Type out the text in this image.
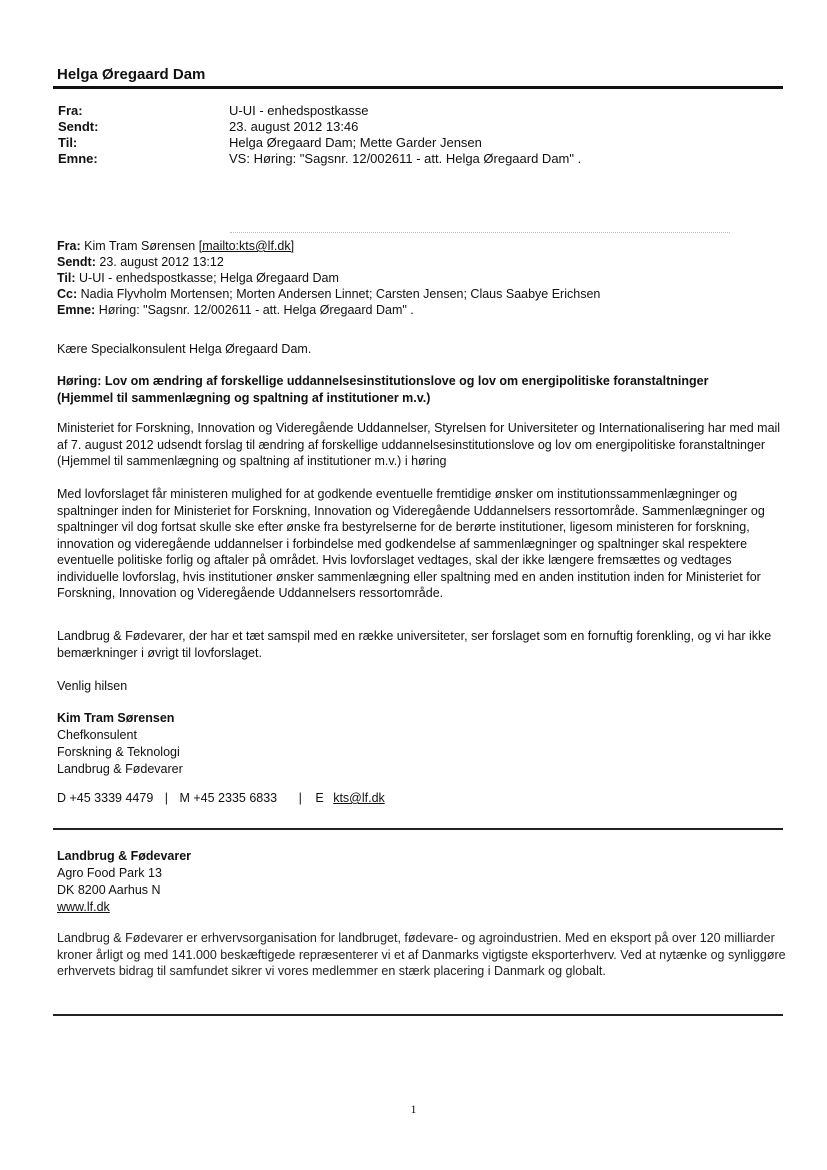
Helga Øregaard Dam
Fra:	U-UI - enhedspostkasse
Sendt:	23. august 2012 13:46
Til:	Helga Øregaard Dam; Mette Garder Jensen
Emne:	VS: Høring: "Sagsnr. 12/002611 - att. Helga Øregaard Dam" .
Fra: Kim Tram Sørensen [mailto:kts@lf.dk]
Sendt: 23. august 2012 13:12
Til: U-UI - enhedspostkasse; Helga Øregaard Dam
Cc: Nadia Flyvholm Mortensen; Morten Andersen Linnet; Carsten Jensen; Claus Saabye Erichsen
Emne: Høring: "Sagsnr. 12/002611 - att. Helga Øregaard Dam" .
Kære Specialkonsulent Helga Øregaard Dam.
Høring: Lov om ændring af forskellige uddannelsesinstitutionslove og lov om energipolitiske foranstaltninger
(Hjemmel til sammenlægning og spaltning af institutioner m.v.)
Ministeriet for Forskning, Innovation og Videregående Uddannelser, Styrelsen for Universiteter og Internationalisering har med mail af 7. august 2012 udsendt forslag til ændring af forskellige uddannelsesinstitutionslove og lov om energipolitiske foranstaltninger (Hjemmel til sammenlægning og spaltning af institutioner m.v.) i høring
Med lovforslaget får ministeren mulighed for at godkende eventuelle fremtidige ønsker om institutionssammenlægninger og spaltninger inden for Ministeriet for Forskning, Innovation og Videregående Uddannelsers ressortområde. Sammenlægninger og spaltninger vil dog fortsat skulle ske efter ønske fra bestyrelserne for de berørte institutioner, ligesom ministeren for forskning, innovation og videregående uddannelser i forbindelse med godkendelse af sammenlægninger og spaltninger skal respektere eventuelle politiske forlig og aftaler på området. Hvis lovforslaget vedtages, skal der ikke længere fremsættes og vedtages individuelle lovforslag, hvis institutioner ønsker sammenlægning eller spaltning med en anden institution inden for Ministeriet for Forskning, Innovation og Videregående Uddannelsers ressortområde.
Landbrug & Fødevarer, der har et tæt samspil med en række universiteter, ser forslaget som en fornuftig forenkling, og vi har ikke bemærkninger i øvrigt til lovforslaget.
Venlig hilsen
Kim Tram Sørensen
Chefkonsulent
Forskning & Teknologi
Landbrug & Fødevarer
D +45 3339 4479 | M +45 2335 6833 | E kts@lf.dk
Landbrug & Fødevarer
Agro Food Park 13
DK 8200 Aarhus N
www.lf.dk
Landbrug & Fødevarer er erhvervsorganisation for landbruget, fødevare- og agroindustrien. Med en eksport på over 120 milliarder kroner årligt og med 141.000 beskæftigede repræsenterer vi et af Danmarks vigtigste eksporterhverv. Ved at nytænke og synliggøre erhvervets bidrag til samfundet sikrer vi vores medlemmer en stærk placering i Danmark og globalt.
1
